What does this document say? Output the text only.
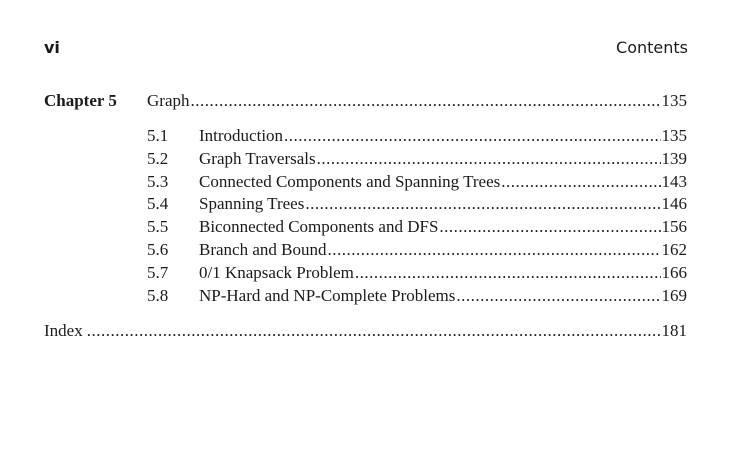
vi	Contents
Chapter 5 Graph .....	135
5.1 Introduction .....	135
5.2 Graph Traversals .....	139
5.3 Connected Components and Spanning Trees .....	143
5.4 Spanning Trees .....	146
5.5 Biconnected Components and DFS .....	156
5.6 Branch and Bound .....	162
5.7 0/1 Knapsack Problem .....	166
5.8 NP-Hard and NP-Complete Problems .....	169
Index .....	181
